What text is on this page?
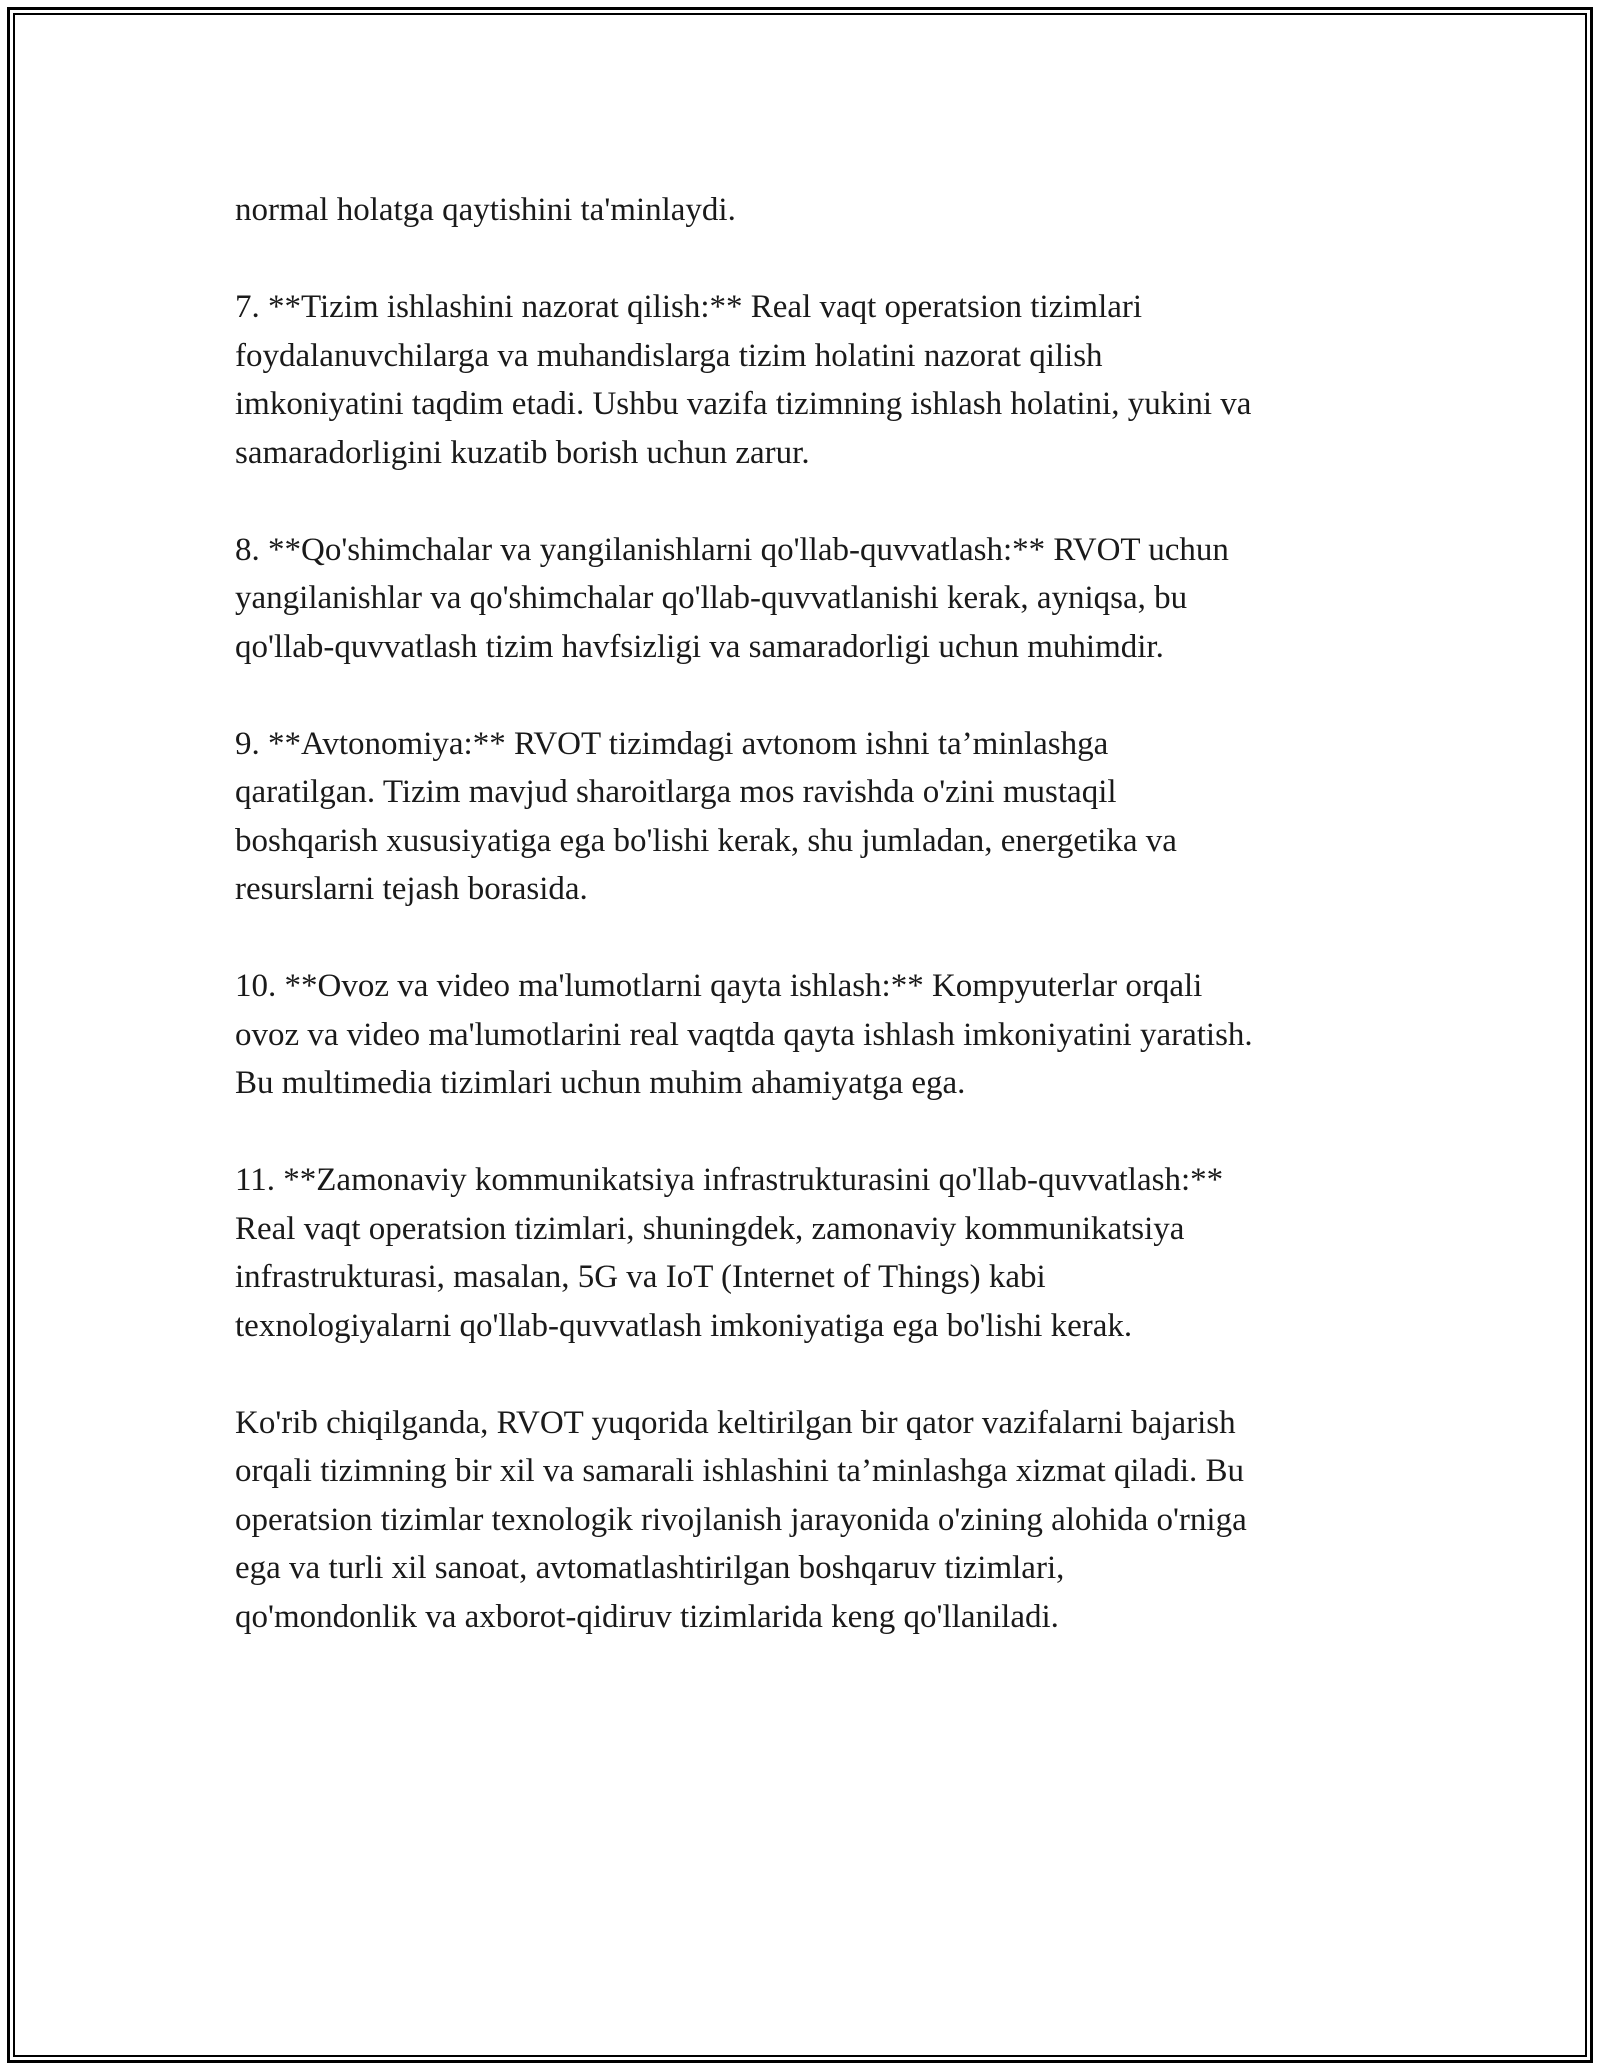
normal holatga qaytishini ta'minlaydi.

7. **Tizim ishlashini nazorat qilish:** Real vaqt operatsion tizimlari
foydalanuvchilarga va muhandislarga tizim holatini nazorat qilish
imkoniyatini taqdim etadi. Ushbu vazifa tizimning ishlash holatini, yukini va
samaradorligini kuzatib borish uchun zarur.

8. **Qo'shimchalar va yangilanishlarni qo'llab-quvvatlash:** RVOT uchun
yangilanishlar va qo'shimchalar qo'llab-quvvatlanishi kerak, ayniqsa, bu
qo'llab-quvvatlash tizim havfsizligi va samaradorligi uchun muhimdir.

9. **Avtonomiya:** RVOT tizimdagi avtonom ishni ta’minlashga
qaratilgan. Tizim mavjud sharoitlarga mos ravishda o'zini mustaqil
boshqarish xususiyatiga ega bo'lishi kerak, shu jumladan, energetika va
resurslarni tejash borasida.

10. **Ovoz va video ma'lumotlarni qayta ishlash:** Kompyuterlar orqali
ovoz va video ma'lumotlarini real vaqtda qayta ishlash imkoniyatini yaratish.
Bu multimedia tizimlari uchun muhim ahamiyatga ega.

11. **Zamonaviy kommunikatsiya infrastrukturasini qo'llab-quvvatlash:**
Real vaqt operatsion tizimlari, shuningdek, zamonaviy kommunikatsiya
infrastrukturasi, masalan, 5G va IoT (Internet of Things) kabi
texnologiyalarni qo'llab-quvvatlash imkoniyatiga ega bo'lishi kerak.

Ko'rib chiqilganda, RVOT yuqorida keltirilgan bir qator vazifalarni bajarish
orqali tizimning bir xil va samarali ishlashini ta’minlashga xizmat qiladi. Bu
operatsion tizimlar texnologik rivojlanish jarayonida o'zining alohida o'rniga
ega va turli xil sanoat, avtomatlashtirilgan boshqaruv tizimlari,
qo'mondonlik va axborot-qidiruv tizimlarida keng qo'llaniladi.
